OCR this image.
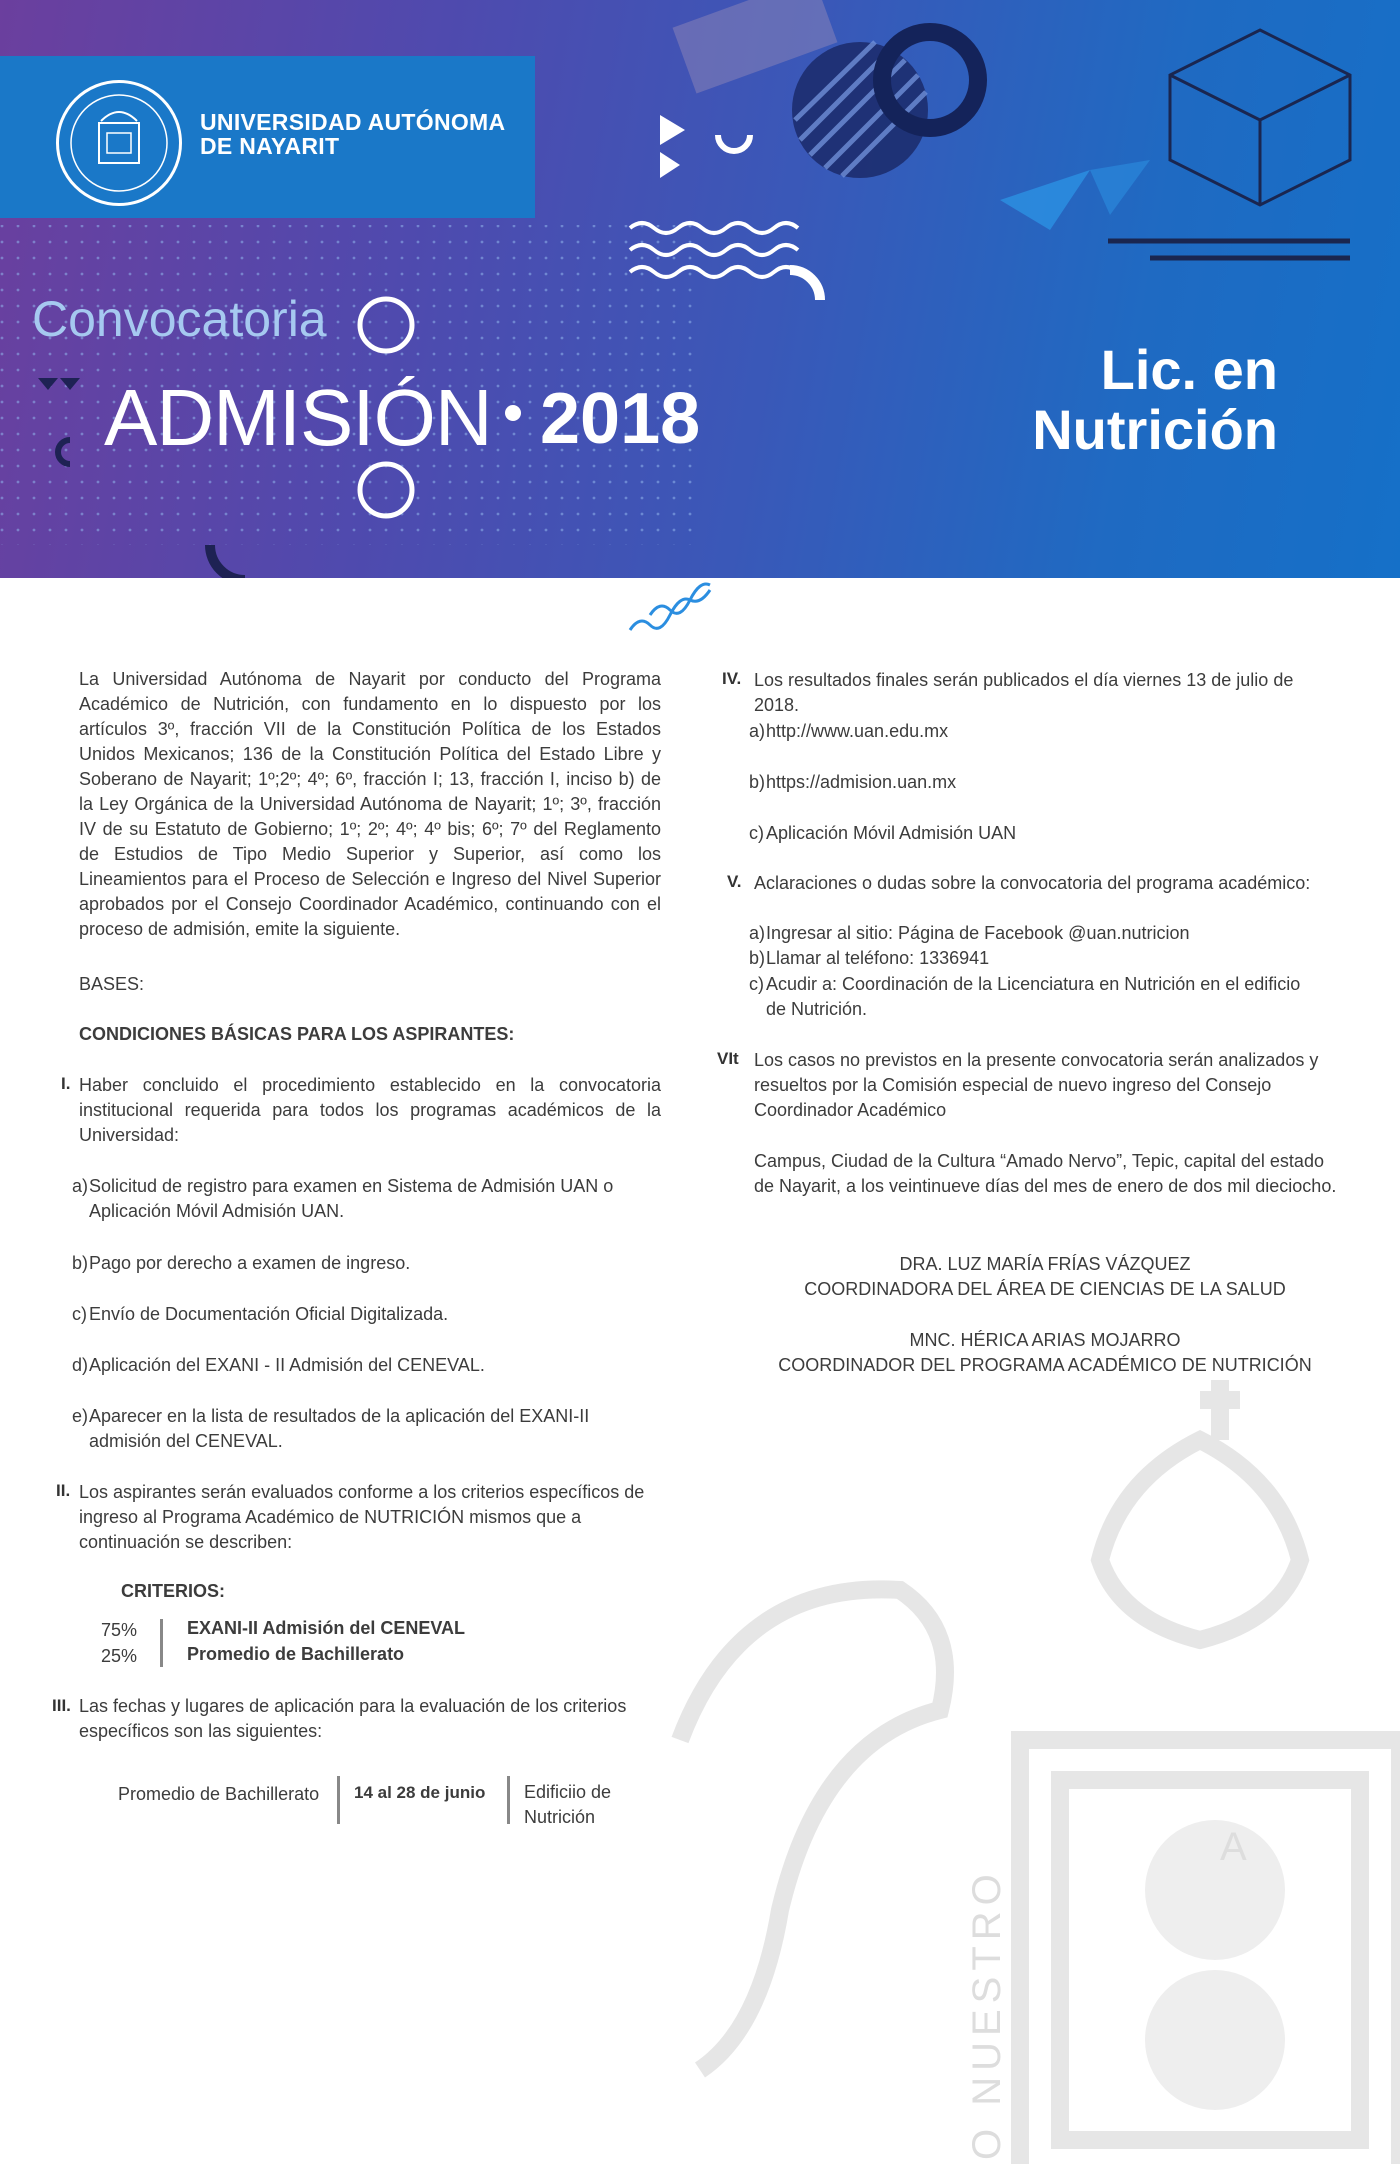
UNIVERSIDAD AUTÓNOMA
DE NAYARIT
Convocatoria
ADMISIÓN 2018
Lic. en
Nutrición
A
O NUESTRO
La Universidad Autónoma de Nayarit por conducto del Programa Académico de Nutrición, con fundamento en lo dispuesto por los artículos 3º, fracción VII de la Constitución Política de los Estados Unidos Mexicanos; 136 de la Constitución Política del Estado Libre y Soberano de Nayarit; 1º;2º; 4º; 6º, fracción I; 13, fracción I, inciso b) de la Ley Orgánica de la Universidad Autónoma de Nayarit; 1º; 3º, fracción IV de su Estatuto de Gobierno; 1º; 2º; 4º; 4º bis; 6º; 7º del Reglamento de Estudios de Tipo Medio Superior y Superior, así como los Lineamientos para el Proceso de Selección e Ingreso del Nivel Superior aprobados por el Consejo Coordinador Académico, continuando con el proceso de admisión, emite la siguiente.
BASES:
CONDICIONES BÁSICAS PARA LOS ASPIRANTES:
I. Haber concluido el procedimiento establecido en la convocatoria institucional requerida para todos los programas académicos de la Universidad:
a) Solicitud de registro para examen en Sistema de Admisión UAN o
Aplicación Móvil Admisión UAN.
b) Pago por derecho a examen de ingreso.
c) Envío de Documentación Oficial Digitalizada.
d) Aplicación del EXANI - II Admisión del CENEVAL.
e) Aparecer en la lista de resultados de la aplicación del EXANI-II
admisión del CENEVAL.
II. Los aspirantes serán evaluados conforme a los criterios específicos de ingreso al Programa Académico de NUTRICIÓN mismos que a continuación se describen:
CRITERIOS:
75%
25%
EXANI-II Admisión del CENEVAL
Promedio de Bachillerato
III. Las fechas y lugares de aplicación para la evaluación de los criterios específicos son las siguientes:
Promedio de Bachillerato 14 al 28 de junio Edificiio de
Nutrición
IV. Los resultados finales serán publicados el día viernes 13 de julio de 2018.
a) http://www.uan.edu.mx
b) https://admision.uan.mx
c) Aplicación Móvil Admisión UAN
V. Aclaraciones o dudas sobre la convocatoria del programa académico:
a) Ingresar al sitio: Página de Facebook @uan.nutricion
b) Llamar al teléfono: 1336941
c) Acudir a: Coordinación de la Licenciatura en Nutrición en el edificio
de Nutrición.
VIt Los casos no previstos en la presente convocatoria serán analizados y resueltos por la Comisión especial de nuevo ingreso del Consejo Coordinador Académico
Campus, Ciudad de la Cultura “Amado Nervo”, Tepic, capital del estado de Nayarit, a los veintinueve días del mes de enero de dos mil dieciocho.
DRA. LUZ MARÍA FRÍAS VÁZQUEZ
COORDINADORA DEL ÁREA DE CIENCIAS DE LA SALUD
MNC. HÉRICA ARIAS MOJARRO
COORDINADOR DEL PROGRAMA ACADÉMICO DE NUTRICIÓN
